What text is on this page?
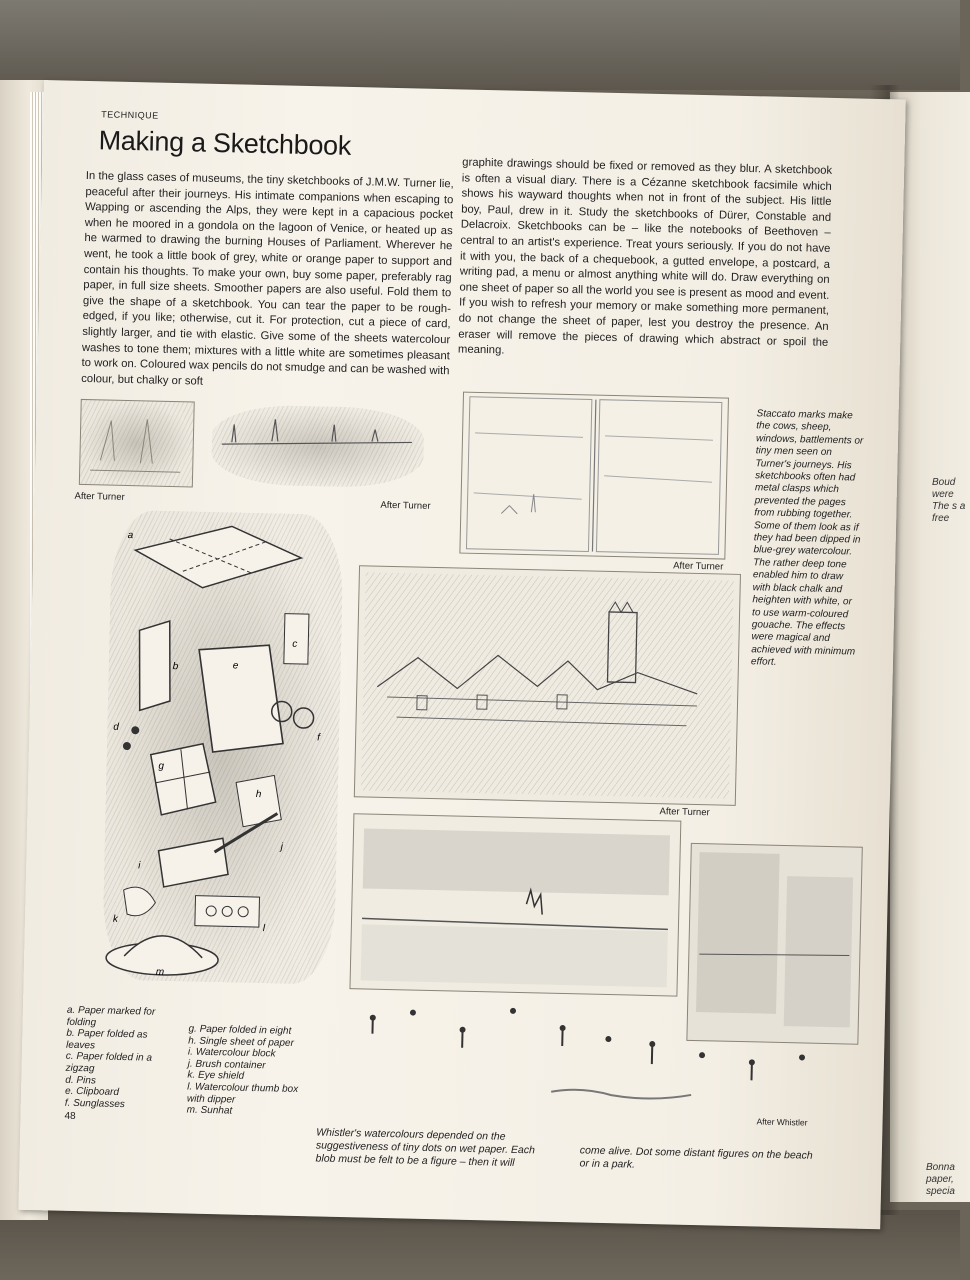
Boud were The s a free
Bonna paper, specia
TECHNIQUE
Making a Sketchbook
In the glass cases of museums, the tiny sketchbooks of J.M.W. Turner lie, peaceful after their journeys. His intimate companions when escaping to Wapping or ascending the Alps, they were kept in a capacious pocket when he moored in a gondola on the lagoon of Venice, or heated up as he warmed to drawing the burning Houses of Parliament. Wherever he went, he took a little book of grey, white or orange paper to support and contain his thoughts. To make your own, buy some paper, preferably rag paper, in full size sheets. Smoother papers are also useful. Fold them to give the shape of a sketchbook. You can tear the paper to be rough-edged, if you like; otherwise, cut it. For protection, cut a piece of card, slightly larger, and tie with elastic. Give some of the sheets watercolour washes to tone them; mixtures with a little white are sometimes pleasant to work on. Coloured wax pencils do not smudge and can be washed with colour, but chalky or soft
graphite drawings should be fixed or removed as they blur. A sketchbook is often a visual diary. There is a Cézanne sketchbook facsimile which shows his wayward thoughts when not in front of the subject. His little boy, Paul, drew in it. Study the sketchbooks of Dürer, Constable and Delacroix. Sketchbooks can be – like the notebooks of Beethoven – central to an artist's experience. Treat yours seriously. If you do not have it with you, the back of a chequebook, a gutted envelope, a postcard, a writing pad, a menu or almost anything white will do. Draw everything on one sheet of paper so all the world you see is present as mood and event. If you wish to refresh your memory or make something more permanent, do not change the sheet of paper, lest you destroy the presence. An eraser will remove the pieces of drawing which abstract or spoil the meaning.
After Turner
After Turner
After Turner
Staccato marks make the cows, sheep, windows, battlements or tiny men seen on Turner's journeys. His sketchbooks often had metal clasps which prevented the pages from rubbing together. Some of them look as if they had been dipped in blue-grey watercolour. The rather deep tone enabled him to draw with black chalk and heighten with white, or to use warm-coloured gouache. The effects were magical and achieved with minimum effort.
a
b
c
d
e
f
g
h
i
j
k
l
m
After Turner
After Whistler
a. Paper marked for folding
b. Paper folded as leaves
c. Paper folded in a zigzag
d. Pins
e. Clipboard
f. Sunglasses
g. Paper folded in eight
h. Single sheet of paper
i. Watercolour block
j. Brush container
k. Eye shield
l. Watercolour thumb box with dipper
m. Sunhat
Whistler's watercolours depended on the suggestiveness of tiny dots on wet paper. Each blob must be felt to be a figure – then it will	come alive. Dot some distant figures on the beach or in a park.
48
